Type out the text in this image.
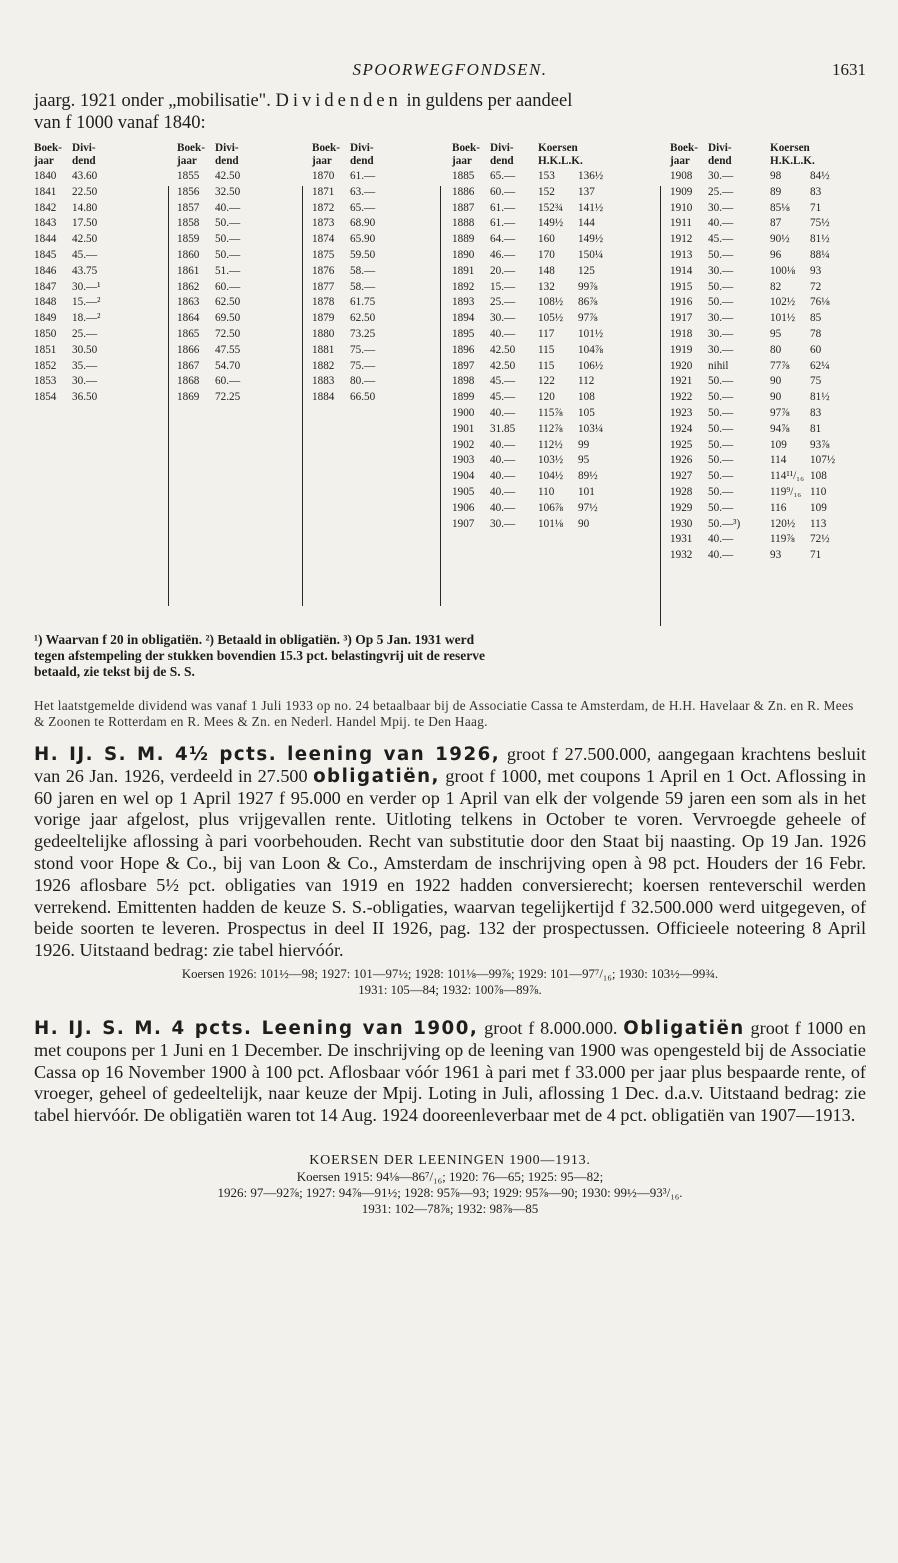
SPOORWEGFONDSEN.	1631
jaarg. 1921 onder „mobilisatie". Dividenden in guldens per aandeel
van f 1000 vanaf 1840:
Boek- Divi-
jaar dend
1840 43.60
1841 22.50
1842 14.80
1843 17.50
1844 42.50
1845 45.—
1846 43.75
1847 30.—¹
1848 15.—²
1849 18.—²
1850 25.—
1851 30.50
1852 35.—
1853 30.—
1854 36.50
Boek- Divi-
jaar dend
1855 42.50
1856 32.50
1857 40.—
1858 50.—
1859 50.—
1860 50.—
1861 51.—
1862 60.—
1863 62.50
1864 69.50
1865 72.50
1866 47.55
1867 54.70
1868 60.—
1869 72.25
Boek- Divi-
jaar dend
1870 61.—
1871 63.—
1872 65.—
1873 68.90
1874 65.90
1875 59.50
1876 58.—
1877 58.—
1878 61.75
1879 62.50
1880 73.25
1881 75.—
1882 75.—
1883 80.—
1884 66.50
Boek- Divi- Koersen
jaar dend H.K.L.K.
1885 65.— 153 136½
1886 60.— 152 137
1887 61.— 152¾ 141½
1888 61.— 149½ 144
1889 64.— 160 149½
1890 46.— 170 150¼
1891 20.— 148 125
1892 15.— 132 99⅞
1893 25.— 108½ 86⅞
1894 30.— 105½ 97⅞
1895 40.— 117 101½
1896 42.50 115 104⅞
1897 42.50 115 106½
1898 45.— 122 112
1899 45.— 120 108
1900 40.— 115⅞ 105
1901 31.85 112⅞ 103¼
1902 40.— 112½ 99
1903 40.— 103½ 95
1904 40.— 104½ 89½
1905 40.— 110 101
1906 40.— 106⅞ 97½
1907 30.— 101⅛ 90
Boek- Divi-	Koersen
jaar dend	H.K.L.K.
1908 30.—	98	84½
1909 25.—	89	83
1910 30.—	85⅛ 71
1911 40.—	87	75½
1912 45.—	90½ 81½
1913 50.—	96	88¼
1914 30.—	100⅛ 93
1915 50.—	82	72
1916 50.—	102½ 76⅛
1917 30.—	101½ 85
1918 30.—	95	78
1919 30.—	80	60
1920 nihil	77⅞ 62¼
1921 50.—	90	75
1922 50.—	90	81½
1923 50.—	97⅞ 83
1924 50.—	94⅞ 81
1925 50.—	109 93⅞
1926 50.—	114 107½
1927 50.—	114¹¹/₁₆ 108
1928 50.—	119⁹/₁₆ 110
1929 50.—	116 109
1930 50.—³)	120½ 113
1931 40.—	119⅞ 72½
1932 40.—	93	71
¹) Waarvan f 20 in obligatiën. ²) Betaald in obligatiën. ³) Op 5 Jan. 1931 werd
tegen afstempeling der stukken bovendien 15.3 pct. belastingvrij uit de reserve
betaald, zie tekst bij de S. S.
Het laatstgemelde dividend was vanaf 1 Juli 1933 op no. 24 betaalbaar bij de Associatie Cassa te Amsterdam, de H.H. Havelaar & Zn. en R. Mees & Zoonen te Rotterdam en R. Mees & Zn. en Nederl. Handel Mpij. te Den Haag.
H. IJ. S. M. 4½ pcts. leening van 1926, groot f 27.500.000, aangegaan krachtens besluit van 26 Jan. 1926, verdeeld in 27.500 obligatiën, groot f 1000, met coupons 1 April en 1 Oct. Aflossing in 60 jaren en wel op 1 April 1927 f 95.000 en verder op 1 April van elk der volgende 59 jaren een som als in het vorige jaar afgelost, plus vrijgevallen rente. Uitloting telkens in October te voren. Vervroegde geheele of gedeeltelijke aflossing à pari voorbehouden. Recht van substitutie door den Staat bij naasting. Op 19 Jan. 1926 stond voor Hope & Co., bij van Loon & Co., Amsterdam de inschrijving open à 98 pct. Houders der 16 Febr. 1926 aflosbare 5½ pct. obligaties van 1919 en 1922 hadden conversierecht; koersen renteverschil werden verrekend. Emittenten hadden de keuze S. S.-obligaties, waarvan tegelijkertijd f 32.500.000 werd uitgegeven, of beide soorten te leveren. Prospectus in deel II 1926, pag. 132 der prospectussen. Officieele noteering 8 April 1926. Uitstaand bedrag: zie tabel hiervóór.
Koersen 1926: 101½—98; 1927: 101—97½; 1928: 101⅛—99⅞; 1929: 101—97⁷/₁₆; 1930: 103½—99¾.
1931: 105—84; 1932: 100⅞—89⅞.
H. IJ. S. M. 4 pcts. Leening van 1900, groot f 8.000.000. Obligatiën groot f 1000 en met coupons per 1 Juni en 1 December. De inschrijving op de leening van 1900 was opengesteld bij de Associatie Cassa op 16 November 1900 à 100 pct. Aflosbaar vóór 1961 à pari met f 33.000 per jaar plus bespaarde rente, of vroeger, geheel of gedeeltelijk, naar keuze der Mpij. Loting in Juli, aflossing 1 Dec. d.a.v. Uitstaand bedrag: zie tabel hiervóór. De obligatiën waren tot 14 Aug. 1924 dooreenleverbaar met de 4 pct. obligatiën van 1907—1913.
KOERSEN DER LEENINGEN 1900—1913.
Koersen 1915: 94⅛—86⁷/₁₆; 1920: 76—65; 1925: 95—82;
1926: 97—92⅞; 1927: 94⅞—91½; 1928: 95⅞—93; 1929: 95⅞—90; 1930: 99½—93³/₁₆.
1931: 102—78⅞; 1932: 98⅞—85
